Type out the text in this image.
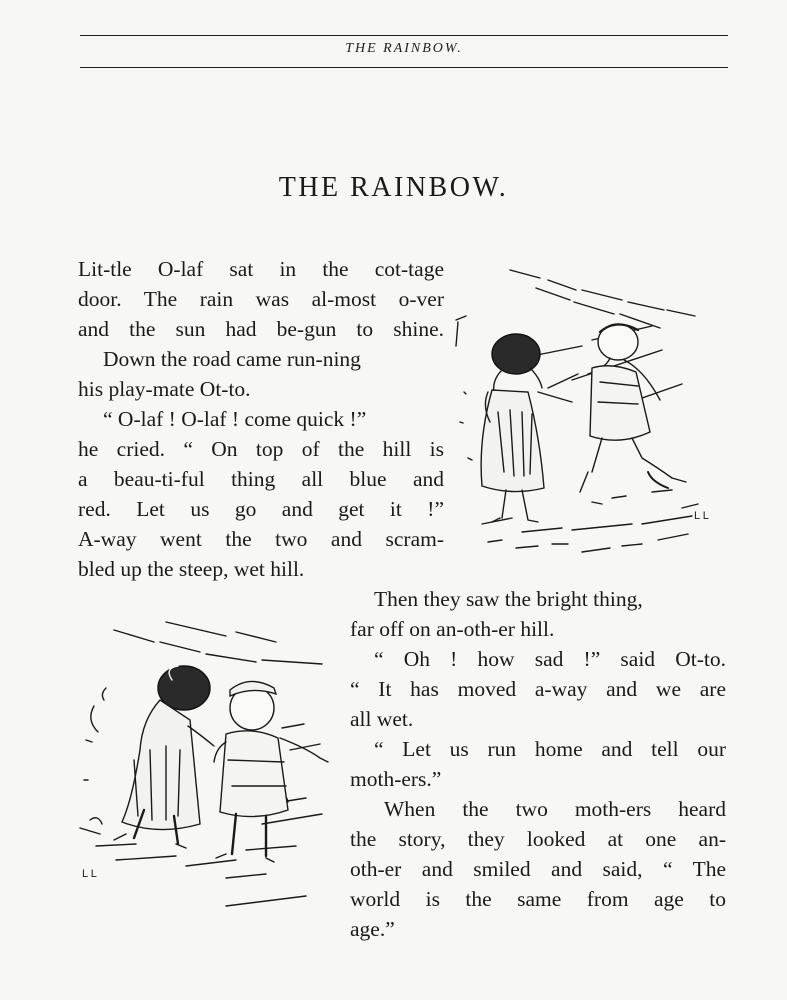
THE RAINBOW.
THE RAINBOW.
Lit-tle O-laf sat in the cot-tage
door. The rain was al-most o-ver
and the sun had be-gun to shine.
Down the road came run-ning
his play-mate Ot-to.
“ O-laf ! O-laf ! come quick !”
he cried. “ On top of the hill is
a beau-ti-ful thing all blue and
red. Let us go and get it !”
A-way went the two and scram-
bled up the steep, wet hill.
Then they saw the bright thing,
far off on an-oth-er hill.
“ Oh ! how sad !” said Ot-to.
“ It has moved a-way and we are
all wet.
“ Let us run home and tell our
moth-ers.”
When the two moth-ers heard
the story, they looked at one an-
oth-er and smiled and said, “ The
world is the same from age to
age.”
L L
L L
